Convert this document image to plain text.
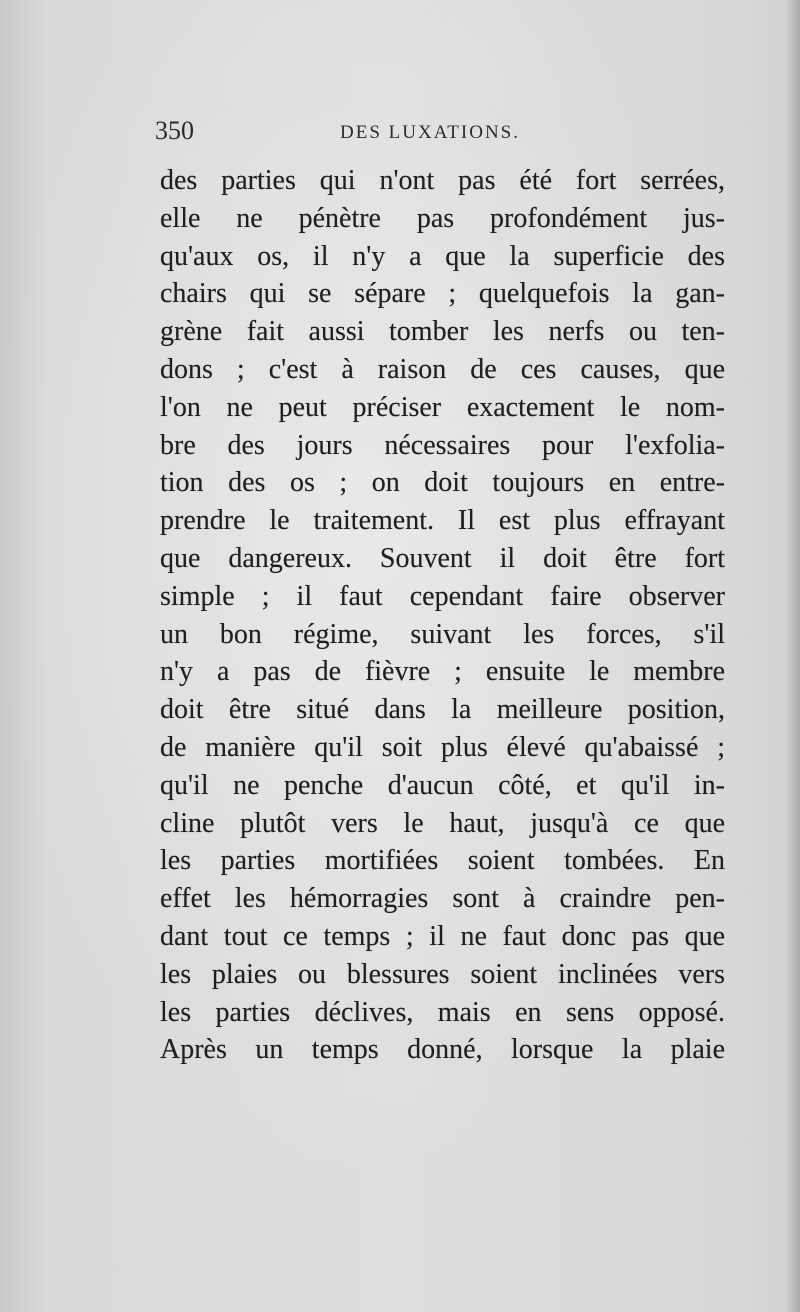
350	DES LUXATIONS.
des parties qui n'ont pas été fort serrées,
elle ne pénètre pas profondément jus-
qu'aux os, il n'y a que la superficie des
chairs qui se sépare ; quelquefois la gan-
grène fait aussi tomber les nerfs ou ten-
dons ; c'est à raison de ces causes, que
l'on ne peut préciser exactement le nom-
bre des jours nécessaires pour l'exfolia-
tion des os ; on doit toujours en entre-
prendre le traitement. Il est plus effrayant
que dangereux. Souvent il doit être fort
simple ; il faut cependant faire observer
un bon régime, suivant les forces, s'il
n'y a pas de fièvre ; ensuite le membre
doit être situé dans la meilleure position,
de manière qu'il soit plus élevé qu'abaissé ;
qu'il ne penche d'aucun côté, et qu'il in-
cline plutôt vers le haut, jusqu'à ce que
les parties mortifiées soient tombées. En
effet les hémorragies sont à craindre pen-
dant tout ce temps ; il ne faut donc pas que
les plaies ou blessures soient inclinées vers
les parties déclives, mais en sens opposé.
Après un temps donné, lorsque la plaie
